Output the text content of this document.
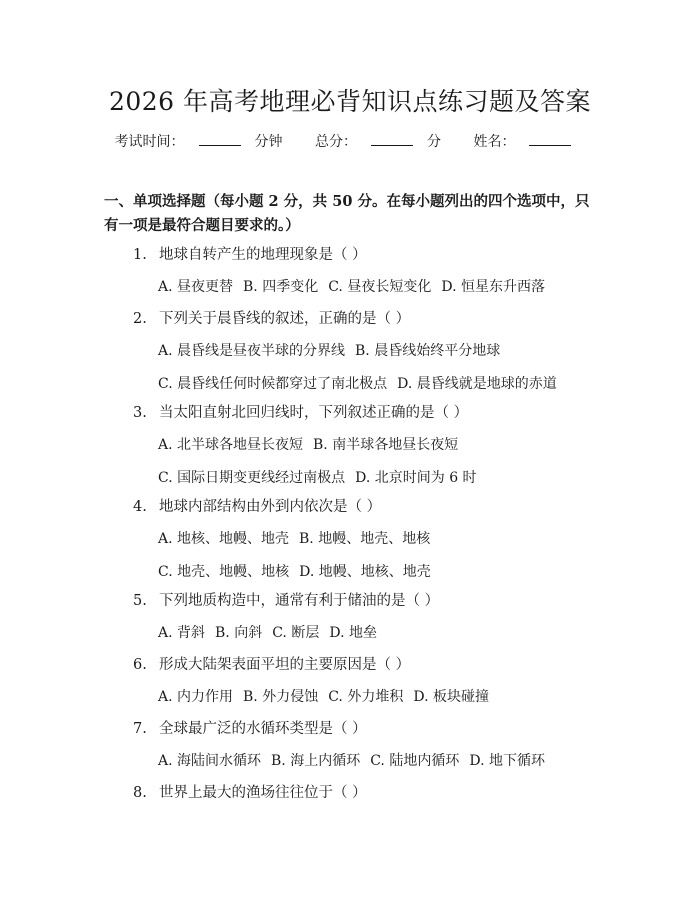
2026 年高考地理必背知识点练习题及答案
考试时间：	分钟 总分：	分 姓名：
一、单项选择题（每小题 2 分，共 50 分。在每小题列出的四个选项中，只有一项是最符合题目要求的。）
1. 地球自转产生的地理现象是（ ）
A. 昼夜更替 B. 四季变化 C. 昼夜长短变化 D. 恒星东升西落
2. 下列关于晨昏线的叙述，正确的是（ ）
A. 晨昏线是昼夜半球的分界线 B. 晨昏线始终平分地球
C. 晨昏线任何时候都穿过了南北极点 D. 晨昏线就是地球的赤道
3. 当太阳直射北回归线时，下列叙述正确的是（ ）
A. 北半球各地昼长夜短 B. 南半球各地昼长夜短
C. 国际日期变更线经过南极点 D. 北京时间为 6 时
4. 地球内部结构由外到内依次是（ ）
A. 地核、地幔、地壳 B. 地幔、地壳、地核
C. 地壳、地幔、地核 D. 地幔、地核、地壳
5. 下列地质构造中，通常有利于储油的是（ ）
A. 背斜 B. 向斜 C. 断层 D. 地垒
6. 形成大陆架表面平坦的主要原因是（ ）
A. 内力作用 B. 外力侵蚀 C. 外力堆积 D. 板块碰撞
7. 全球最广泛的水循环类型是（ ）
A. 海陆间水循环 B. 海上内循环 C. 陆地内循环 D. 地下循环
8. 世界上最大的渔场往往位于（ ）
